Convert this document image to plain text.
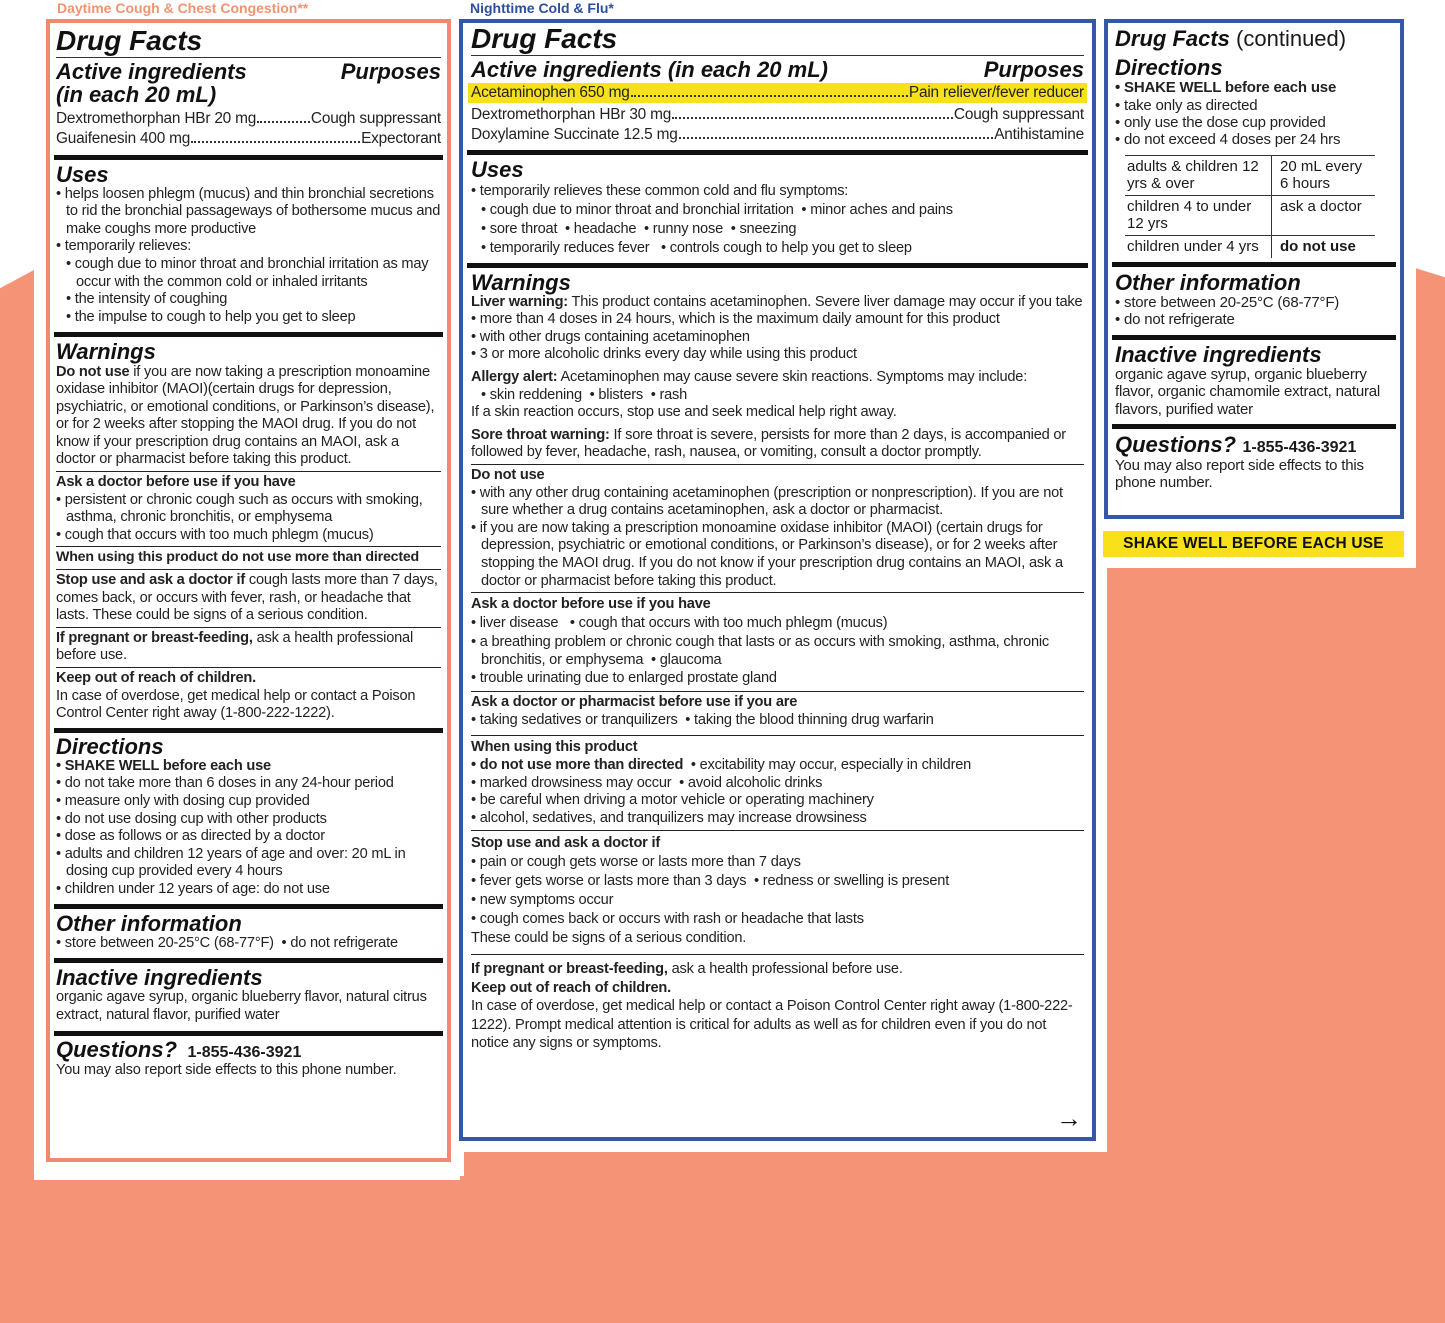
Daytime Cough & Chest Congestion**
Drug Facts
Active ingredients	Purposes
(in each 20 mL)
Dextromethorphan HBr 20 mg	Cough suppressant
Guaifenesin 400 mg	Expectorant
Uses
• helps loosen phlegm (mucus) and thin bronchial secretions to rid the bronchial passageways of bothersome mucus and make coughs more productive
• temporarily relieves:
• cough due to minor throat and bronchial irritation as may occur with the common cold or inhaled irritants
• the intensity of coughing
• the impulse to cough to help you get to sleep
Warnings
Do not use if you are now taking a prescription monoamine oxidase inhibitor (MAOI)(certain drugs for depression, psychiatric, or emotional conditions, or Parkinson’s disease), or for 2 weeks after stopping the MAOI drug. If you do not know if your prescription drug contains an MAOI, ask a doctor or pharmacist before taking this product.
Ask a doctor before use if you have
• persistent or chronic cough such as occurs with smoking, asthma, chronic bronchitis, or emphysema
• cough that occurs with too much phlegm (mucus)
When using this product do not use more than directed
Stop use and ask a doctor if cough lasts more than 7 days, comes back, or occurs with fever, rash, or headache that lasts. These could be signs of a serious condition.
If pregnant or breast-feeding, ask a health professional before use.
Keep out of reach of children.
In case of overdose, get medical help or contact a Poison Control Center right away (1-800-222-1222).
Directions
• SHAKE WELL before each use
• do not take more than 6 doses in any 24-hour period
• measure only with dosing cup provided
• do not use dosing cup with other products
• dose as follows or as directed by a doctor
• adults and children 12 years of age and over: 20 mL in dosing cup provided every 4 hours
• children under 12 years of age: do not use
Other information
• store between 20-25°C (68-77°F)  • do not refrigerate
Inactive ingredients
organic agave syrup, organic blueberry flavor, natural citrus extract, natural flavor, purified water
Questions? 1-855-436-3921
You may also report side effects to this phone number.
Nighttime Cold & Flu*
Drug Facts
Active ingredients (in each 20 mL)	Purposes
Acetaminophen 650 mg	Pain reliever/fever reducer
Dextromethorphan HBr 30 mg	Cough suppressant
Doxylamine Succinate 12.5 mg	Antihistamine
Uses
• temporarily relieves these common cold and flu symptoms:
• cough due to minor throat and bronchial irritation  • minor aches and pains
• sore throat  • headache  • runny nose  • sneezing
• temporarily reduces fever   • controls cough to help you get to sleep
Warnings
Liver warning: This product contains acetaminophen. Severe liver damage may occur if you take
• more than 4 doses in 24 hours, which is the maximum daily amount for this product
• with other drugs containing acetaminophen
• 3 or more alcoholic drinks every day while using this product
Allergy alert: Acetaminophen may cause severe skin reactions. Symptoms may include:
• skin reddening  • blisters  • rash
If a skin reaction occurs, stop use and seek medical help right away.
Sore throat warning: If sore throat is severe, persists for more than 2 days, is accompanied or followed by fever, headache, rash, nausea, or vomiting, consult a doctor promptly.
Do not use
• with any other drug containing acetaminophen (prescription or nonprescription). If you are not sure whether a drug contains acetaminophen, ask a doctor or pharmacist.
• if you are now taking a prescription monoamine oxidase inhibitor (MAOI) (certain drugs for depression, psychiatric or emotional conditions, or Parkinson’s disease), or for 2 weeks after stopping the MAOI drug. If you do not know if your prescription drug contains an MAOI, ask a doctor or pharmacist before taking this product.
Ask a doctor before use if you have
• liver disease   • cough that occurs with too much phlegm (mucus)
• a breathing problem or chronic cough that lasts or as occurs with smoking, asthma, chronic bronchitis, or emphysema  • glaucoma
• trouble urinating due to enlarged prostate gland
Ask a doctor or pharmacist before use if you are
• taking sedatives or tranquilizers  • taking the blood thinning drug warfarin
When using this product
• do not use more than directed  • excitability may occur, especially in children
• marked drowsiness may occur  • avoid alcoholic drinks
• be careful when driving a motor vehicle or operating machinery
• alcohol, sedatives, and tranquilizers may increase drowsiness
Stop use and ask a doctor if
• pain or cough gets worse or lasts more than 7 days
• fever gets worse or lasts more than 3 days  • redness or swelling is present
• new symptoms occur
• cough comes back or occurs with rash or headache that lasts
These could be signs of a serious condition.
If pregnant or breast-feeding, ask a health professional before use.
Keep out of reach of children.
In case of overdose, get medical help or contact a Poison Control Center right away (1-800-222-1222). Prompt medical attention is critical for adults as well as for children even if you do not notice any signs or symptoms.
→
Drug Facts (continued)
Directions
• SHAKE WELL before each use
• take only as directed
• only use the dose cup provided
• do not exceed 4 doses per 24 hrs
adults & children 12 yrs & over	20 mL every 6 hours
children 4 to under 12 yrs	ask a doctor
children under 4 yrs	do not use
Other information
• store between 20-25°C (68-77°F)
• do not refrigerate
Inactive ingredients
organic agave syrup, organic blueberry flavor, organic chamomile extract, natural flavors, purified water
Questions? 1-855-436-3921
You may also report side effects to this phone number.
SHAKE WELL BEFORE EACH USE
